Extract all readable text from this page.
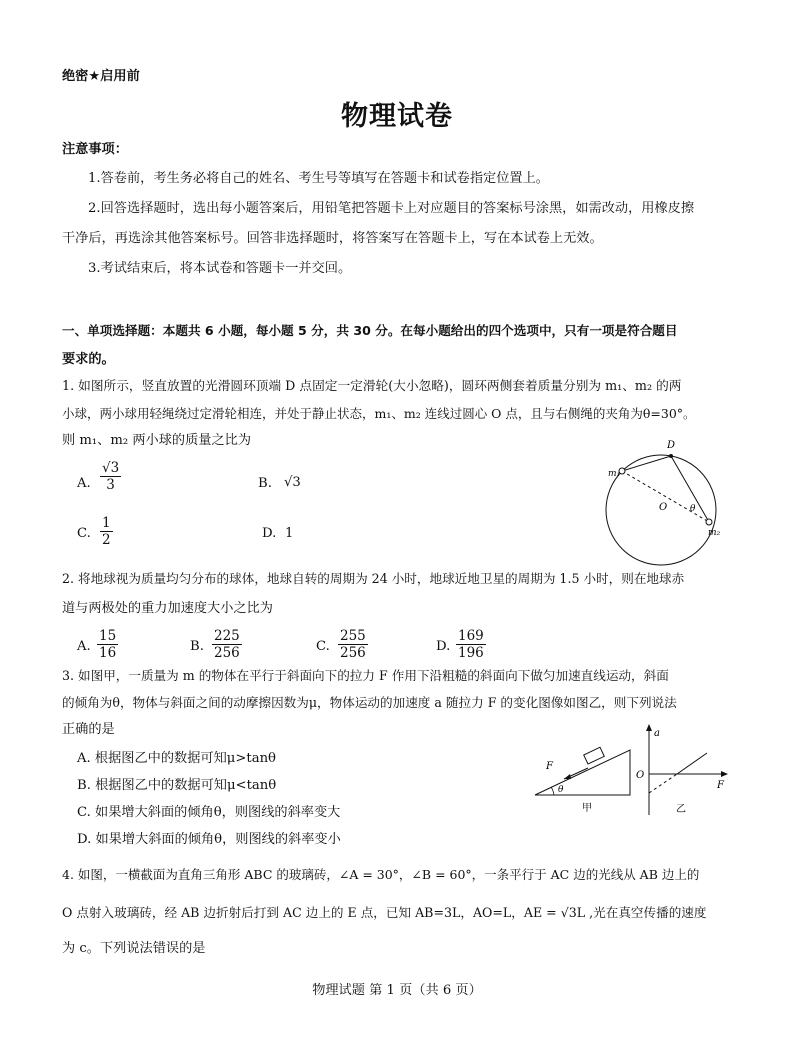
绝密★启用前
物理试卷
注意事项：
1.答卷前，考生务必将自己的姓名、考生号等填写在答题卡和试卷指定位置上。
2.回答选择题时，选出每小题答案后，用铅笔把答题卡上对应题目的答案标号涂黑，如需改动，用橡皮擦
干净后，再选涂其他答案标号。回答非选择题时，将答案写在答题卡上，写在本试卷上无效。
3.考试结束后，将本试卷和答题卡一并交回。
一、单项选择题：本题共 6 小题，每小题 5 分，共 30 分。在每小题给出的四个选项中，只有一项是符合题目
要求的。
1. 如图所示，竖直放置的光滑圆环顶端 D 点固定一定滑轮(大小忽略)，圆环两侧套着质量分别为 m₁、m₂ 的两
小球，两小球用轻绳绕过定滑轮相连，并处于静止状态，m₁、m₂ 连线过圆心 O 点，且与右侧绳的夹角为θ=30°。
则 m₁、m₂ 两小球的质量之比为
A. $\frac{√3}{3}$	B. √3
C. $\frac{1}{2}$	D. 1
D
O
m₁
m₂
θ
2. 将地球视为质量均匀分布的球体，地球自转的周期为 24 小时，地球近地卫星的周期为 1.5 小时，则在地球赤
道与两极处的重力加速度大小之比为
A. $\frac{15}{16}$	B. $\frac{225}{256}$	C. $\frac{255}{256}$	D. $\frac{169}{196}$
3. 如图甲，一质量为 m 的物体在平行于斜面向下的拉力 F 作用下沿粗糙的斜面向下做匀加速直线运动，斜面
的倾角为θ，物体与斜面之间的动摩擦因数为μ，物体运动的加速度 a 随拉力 F 的变化图像如图乙，则下列说法
正确的是
A. 根据图乙中的数据可知μ>tanθ
B. 根据图乙中的数据可知μ<tanθ
C. 如果增大斜面的倾角θ，则图线的斜率变大
D. 如果增大斜面的倾角θ，则图线的斜率变小
F
θ
甲
a
O
F
乙
4. 如图，一横截面为直角三角形 ABC 的玻璃砖，∠A = 30°，∠B = 60°，一条平行于 AC 边的光线从 AB 边上的
O 点射入玻璃砖，经 AB 边折射后打到 AC 边上的 E 点，已知 AB=3L，AO=L，AE = √3L ,光在真空传播的速度
为 c。下列说法错误的是
物理试题 第 1 页（共 6 页）
